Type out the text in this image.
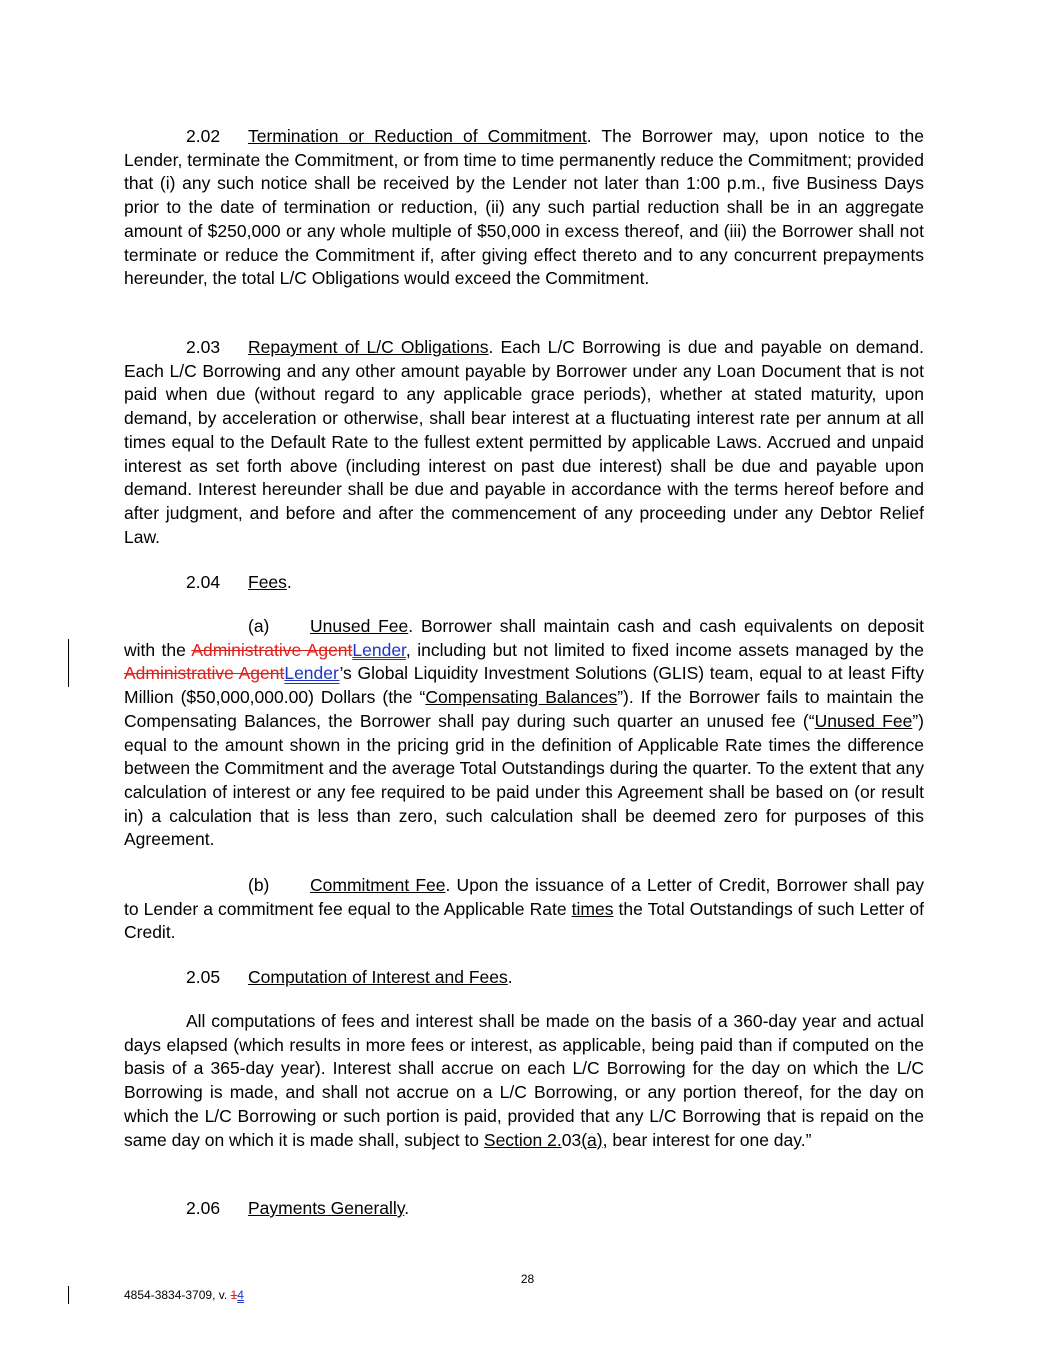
2.02 Termination or Reduction of Commitment. The Borrower may, upon notice to the Lender, terminate the Commitment, or from time to time permanently reduce the Commitment; provided that (i) any such notice shall be received by the Lender not later than 1:00 p.m., five Business Days prior to the date of termination or reduction, (ii) any such partial reduction shall be in an aggregate amount of $250,000 or any whole multiple of $50,000 in excess thereof, and (iii) the Borrower shall not terminate or reduce the Commitment if, after giving effect thereto and to any concurrent prepayments hereunder, the total L/C Obligations would exceed the Commitment.

2.03 Repayment of L/C Obligations. Each L/C Borrowing is due and payable on demand. Each L/C Borrowing and any other amount payable by Borrower under any Loan Document that is not paid when due (without regard to any applicable grace periods), whether at stated maturity, upon demand, by acceleration or otherwise, shall bear interest at a fluctuating interest rate per annum at all times equal to the Default Rate to the fullest extent permitted by applicable Laws. Accrued and unpaid interest as set forth above (including interest on past due interest) shall be due and payable upon demand. Interest hereunder shall be due and payable in accordance with the terms hereof before and after judgment, and before and after the commencement of any proceeding under any Debtor Relief Law.

2.04 Fees.

(a) Unused Fee. Borrower shall maintain cash and cash equivalents on deposit with the Administrative AgentLender, including but not limited to fixed income assets managed by the Administrative AgentLender’s Global Liquidity Investment Solutions (GLIS) team, equal to at least Fifty Million ($50,000,000.00) Dollars (the “Compensating Balances”). If the Borrower fails to maintain the Compensating Balances, the Borrower shall pay during such quarter an unused fee (“Unused Fee”) equal to the amount shown in the pricing grid in the definition of Applicable Rate times the difference between the Commitment and the average Total Outstandings during the quarter. To the extent that any calculation of interest or any fee required to be paid under this Agreement shall be based on (or result in) a calculation that is less than zero, such calculation shall be deemed zero for purposes of this Agreement.

(b) Commitment Fee. Upon the issuance of a Letter of Credit, Borrower shall pay to Lender a commitment fee equal to the Applicable Rate times the Total Outstandings of such Letter of Credit.

2.05 Computation of Interest and Fees.

All computations of fees and interest shall be made on the basis of a 360-day year and actual days elapsed (which results in more fees or interest, as applicable, being paid than if computed on the basis of a 365-day year). Interest shall accrue on each L/C Borrowing for the day on which the L/C Borrowing is made, and shall not accrue on a L/C Borrowing, or any portion thereof, for the day on which the L/C Borrowing or such portion is paid, provided that any L/C Borrowing that is repaid on the same day on which it is made shall, subject to Section 2.03(a), bear interest for one day.”

2.06 Payments Generally.

28
4854-3834-3709, v. 14
